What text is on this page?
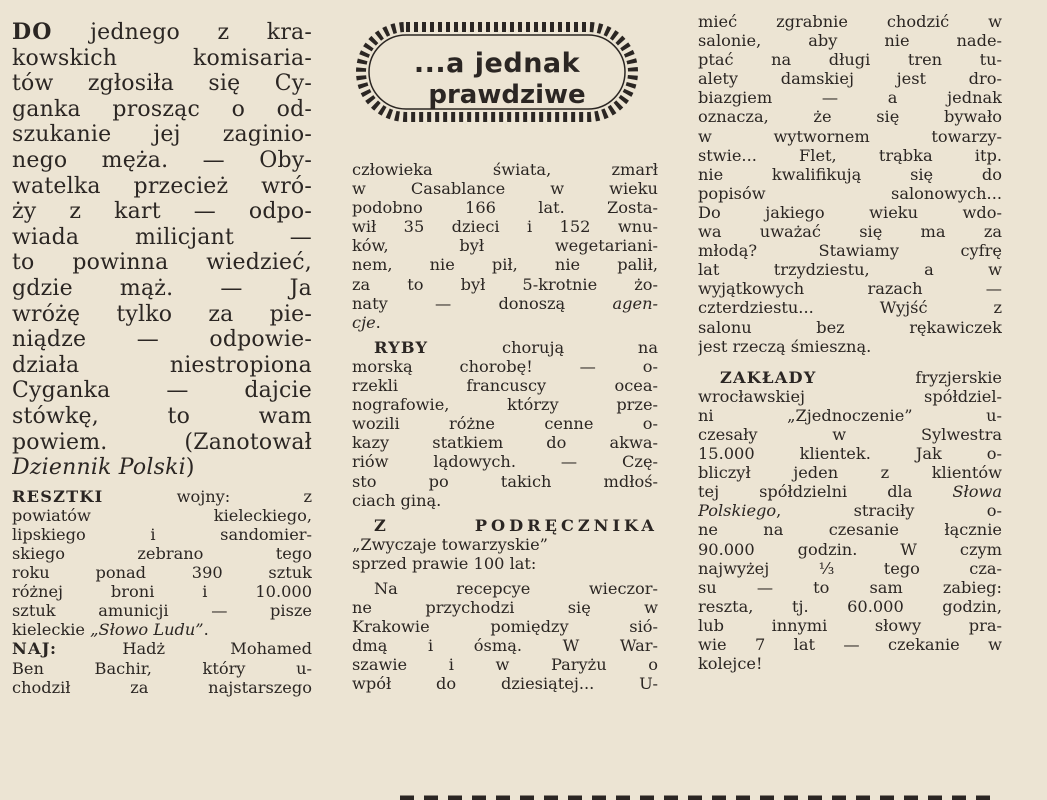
DO jednego z kra-
kowskich komisaria-
tów zgłosiła się Cy-
ganka prosząc o od-
szukanie jej zaginio-
nego męża. — Oby-
watelka przecież wró-
ży z kart — odpo-
wiada milicjant —
to powinna wiedzieć,
gdzie mąż. — Ja
wróżę tylko za pie-
niądze — odpowie-
działa niestropiona
Cyganka — dajcie
stówkę, to wam
powiem. (Zanotował
Dziennik Polski)
RESZTKI wojny: z
powiatów kieleckiego,
lipskiego i sandomier-
skiego zebrano tego
roku ponad 390 sztuk
różnej broni i 10.000
sztuk amunicji — pisze
kieleckie „Słowo Ludu”.
NAJ: Hadż Mohamed
Ben Bachir, który u-
chodził za najstarszego
...a jednak
prawdziwe
człowieka świata, zmarł
w Casablance w wieku
podobno 166 lat. Zosta-
wił 35 dzieci i 152 wnu-
ków, był wegetariani-
nem, nie pił, nie palił,
za to był 5-krotnie żo-
naty — donoszą	agen-
cje.
RYBY chorują na
morską chorobę! — o-
rzekli francuscy ocea-
nografowie, którzy prze-
wozili różne cenne o-
kazy statkiem do akwa-
riów lądowych. — Czę-
sto po takich mdłoś-
ciach giną.
Z PODRĘCZNIKA
„Zwyczaje towarzyskie”
sprzed prawie 100 lat:
Na recepcye wieczor-
ne przychodzi się w
Krakowie pomiędzy sió-
dmą i ósmą. W War-
szawie i w Paryżu o
wpół do dziesiątej... U-
mieć zgrabnie chodzić w
salonie, aby nie nade-
ptać na długi tren tu-
alety damskiej jest dro-
biazgiem — a jednak
oznacza, że się bywało
w wytwornem towarzy-
stwie... Flet, trąbka itp.
nie kwalifikują się do
popisów salonowych...
Do jakiego wieku wdo-
wa uważać się ma za
młodą? Stawiamy cyfrę
lat trzydziestu, a w
wyjątkowych razach —
czterdziestu... Wyjść z
salonu bez rękawiczek
jest rzeczą śmieszną.
ZAKŁADY fryzjerskie
wrocławskiej spółdziel-
ni „Zjednoczenie” u-
czesały w Sylwestra
15.000 klientek. Jak o-
bliczył jeden z klientów
tej spółdzielni dla Słowa
Polskiego, straciły o-
ne na czesanie łącznie
90.000 godzin. W czym
najwyżej ⅓ tego cza-
su — to sam zabieg:
reszta, tj. 60.000 godzin,
lub innymi słowy pra-
wie 7 lat — czekanie w
kolejce!
